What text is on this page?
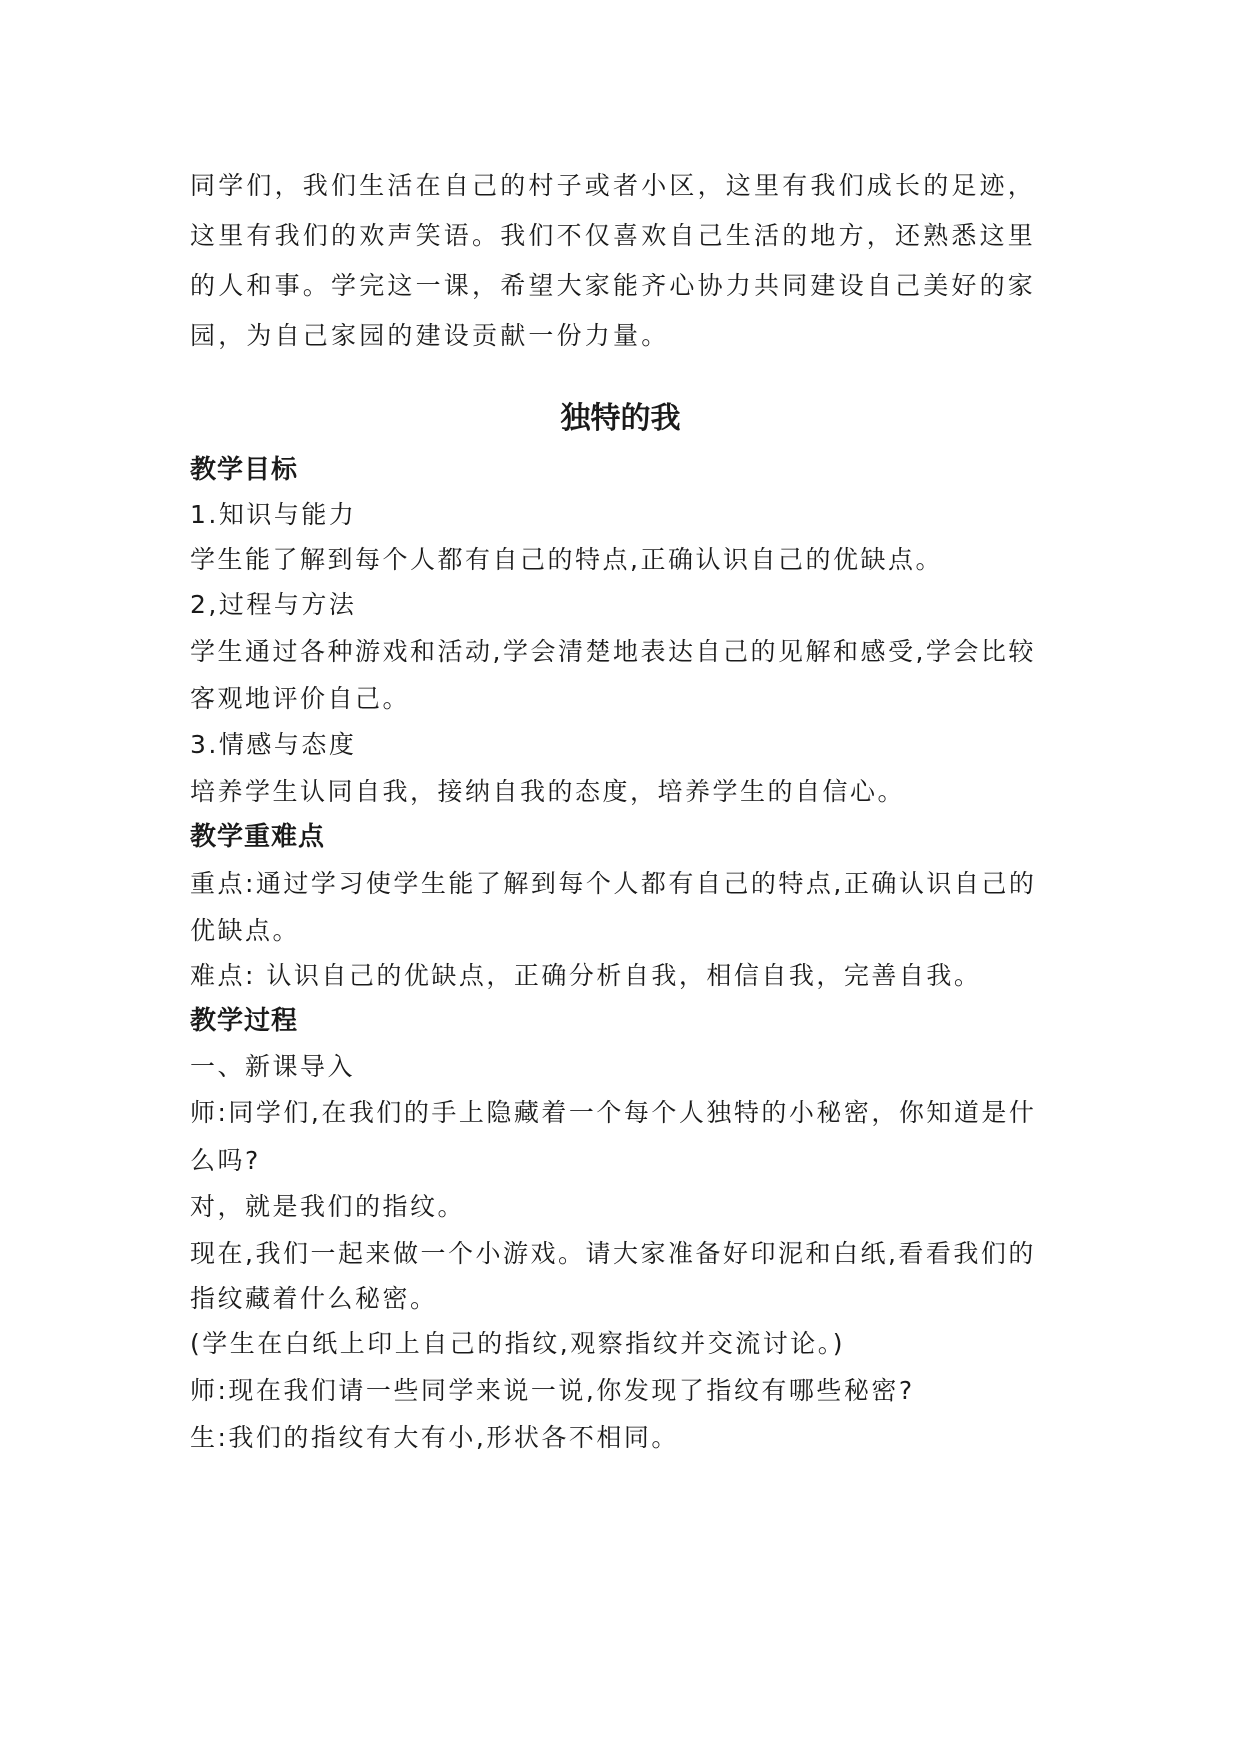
同学们，我们生活在自己的村子或者小区，这里有我们成长的足迹，这里有我们的欢声笑语。我们不仅喜欢自己生活的地方，还熟悉这里的人和事。学完这一课，希望大家能齐心协力共同建设自己美好的家园，为自己家园的建设贡献一份力量。

独特的我
教学目标
1.知识与能力
学生能了解到每个人都有自己的特点,正确认识自己的优缺点。
2,过程与方法
学生通过各种游戏和活动,学会清楚地表达自己的见解和感受,学会比较
客观地评价自己。
3.情感与态度
培养学生认同自我，接纳自我的态度，培养学生的自信心。
教学重难点
重点:通过学习使学生能了解到每个人都有自己的特点,正确认识自己的
优缺点。
难点: 认识自己的优缺点，正确分析自我，相信自我，完善自我。
教学过程
一、新课导入
师:同学们,在我们的手上隐藏着一个每个人独特的小秘密，你知道是什
么吗?
对，就是我们的指纹。
现在,我们一起来做一个小游戏。请大家准备好印泥和白纸,看看我们的
指纹藏着什么秘密。
(学生在白纸上印上自己的指纹,观察指纹并交流讨论。)
师:现在我们请一些同学来说一说,你发现了指纹有哪些秘密?
生:我们的指纹有大有小,形状各不相同。
